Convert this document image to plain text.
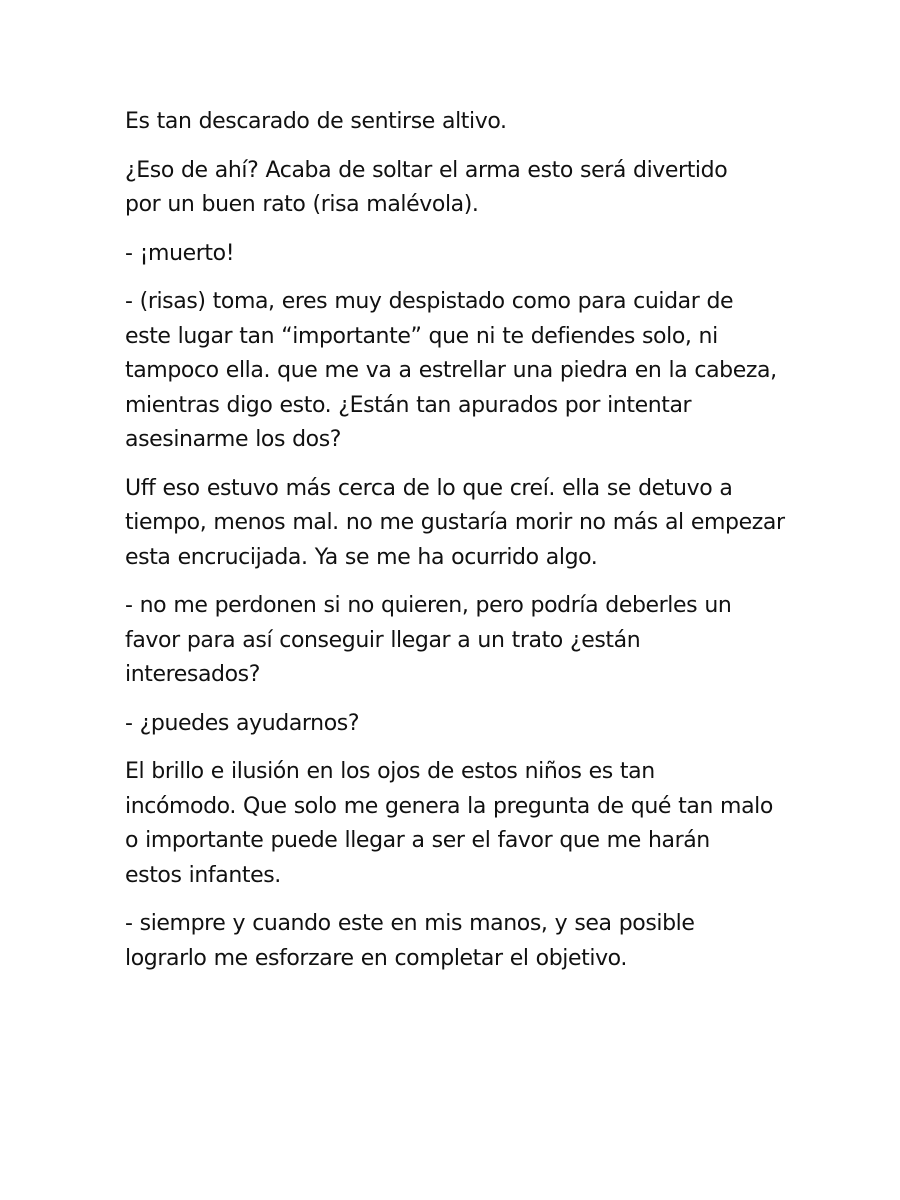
Es tan descarado de sentirse altivo.

¿Eso de ahí? Acaba de soltar el arma esto será divertido
por un buen rato (risa malévola).

- ¡muerto!

- (risas) toma, eres muy despistado como para cuidar de
este lugar tan “importante” que ni te defiendes solo, ni
tampoco ella. que me va a estrellar una piedra en la cabeza,
mientras digo esto. ¿Están tan apurados por intentar
asesinarme los dos?

Uff eso estuvo más cerca de lo que creí. ella se detuvo a
tiempo, menos mal. no me gustaría morir no más al empezar
esta encrucijada. Ya se me ha ocurrido algo.

- no me perdonen si no quieren, pero podría deberles un
favor para así conseguir llegar a un trato ¿están
interesados?

- ¿puedes ayudarnos?

El brillo e ilusión en los ojos de estos niños es tan
incómodo. Que solo me genera la pregunta de qué tan malo
o importante puede llegar a ser el favor que me harán
estos infantes.

- siempre y cuando este en mis manos, y sea posible
lograrlo me esforzare en completar el objetivo.
